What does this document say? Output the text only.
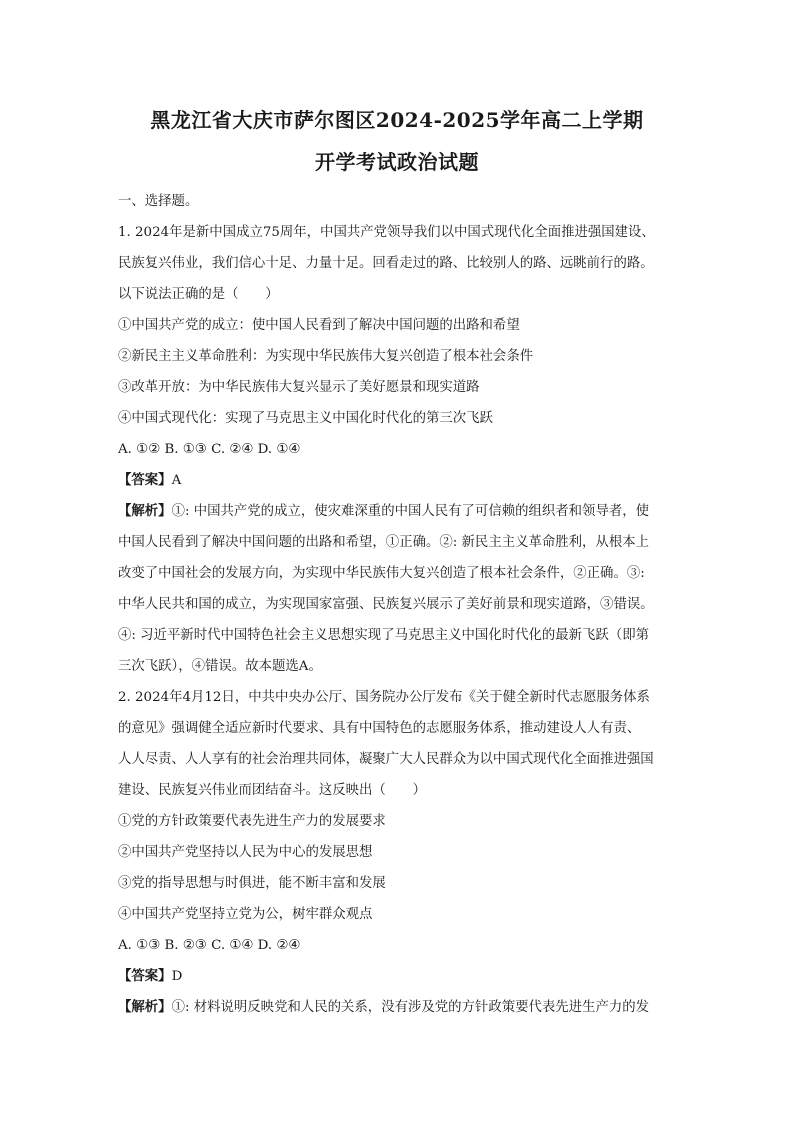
黑龙江省大庆市萨尔图区2024-2025学年高二上学期
开学考试政治试题
一、选择题。
1. 2024年是新中国成立75周年，中国共产党领导我们以中国式现代化全面推进强国建设、
民族复兴伟业，我们信心十足、力量十足。回看走过的路、比较别人的路、远眺前行的路。
以下说法正确的是（　　）
①中国共产党的成立：使中国人民看到了解决中国问题的出路和希望
②新民主主义革命胜利：为实现中华民族伟大复兴创造了根本社会条件
③改革开放：为中华民族伟大复兴显示了美好愿景和现实道路
④中国式现代化：实现了马克思主义中国化时代化的第三次飞跃
A. ①② B. ①③ C. ②④ D. ①④
【答案】A
【解析】①: 中国共产党的成立，使灾难深重的中国人民有了可信赖的组织者和领导者，使
中国人民看到了解决中国问题的出路和希望，①正确。②: 新民主主义革命胜利，从根本上
改变了中国社会的发展方向，为实现中华民族伟大复兴创造了根本社会条件，②正确。③:
中华人民共和国的成立，为实现国家富强、民族复兴展示了美好前景和现实道路，③错误。
④: 习近平新时代中国特色社会主义思想实现了马克思主义中国化时代化的最新飞跃（即第
三次飞跃），④错误。故本题选A。
2. 2024年4月12日，中共中央办公厅、国务院办公厅发布《关于健全新时代志愿服务体系
的意见》强调健全适应新时代要求、具有中国特色的志愿服务体系，推动建设人人有责、
人人尽责、人人享有的社会治理共同体，凝聚广大人民群众为以中国式现代化全面推进强国
建设、民族复兴伟业而团结奋斗。这反映出（　　）
①党的方针政策要代表先进生产力的发展要求
②中国共产党坚持以人民为中心的发展思想
③党的指导思想与时俱进，能不断丰富和发展
④中国共产党坚持立党为公，树牢群众观点
A. ①③ B. ②③ C. ①④ D. ②④
【答案】D
【解析】①: 材料说明反映党和人民的关系，没有涉及党的方针政策要代表先进生产力的发
